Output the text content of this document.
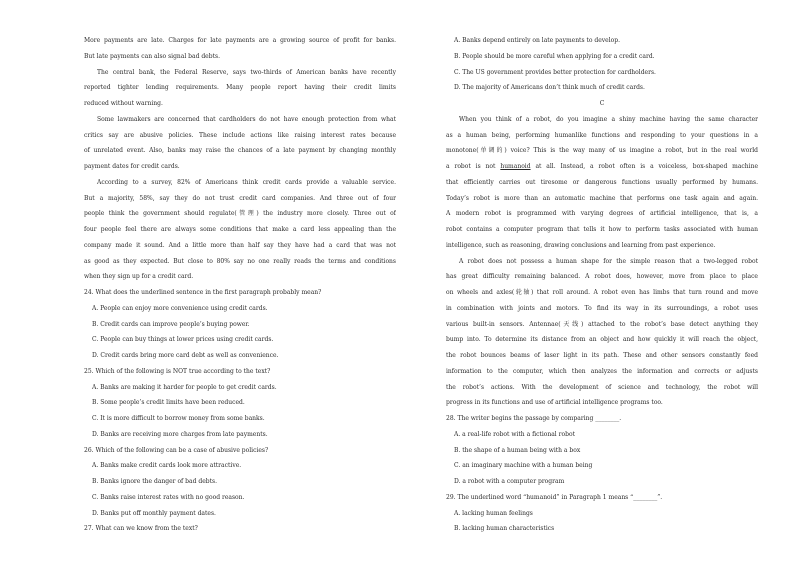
More payments are late. Charges for late payments are a growing source of profit for banks.
But late payments can also signal bad debts.
The central bank, the Federal Reserve, says two-thirds of American banks have recently
reported tighter lending requirements. Many people report having their credit limits
reduced without warning.
Some lawmakers are concerned that cardholders do not have enough protection from what
critics say are abusive policies. These include actions like raising interest rates because
of unrelated event. Also, banks may raise the chances of a late payment by changing monthly
payment dates for credit cards.
According to a survey, 82% of Americans think credit cards provide a valuable service.
But a majority, 58%, say they do not trust credit card companies. And three out of four
people think the government should regulate(管理) the industry more closely. Three out of
four people feel there are always some conditions that make a card less appealing than the
company made it sound. And a little more than half say they have had a card that was not
as good as they expected. But close to 80% say no one really reads the terms and conditions
when they sign up for a credit card.
24. What does the underlined sentence in the first paragraph probably mean?
A. People can enjoy more convenience using credit cards.
B. Credit cards can improve people’s buying power.
C. People can buy things at lower prices using credit cards.
D. Credit cards bring more card debt as well as convenience.
25. Which of the following is NOT true according to the text?
A. Banks are making it harder for people to get credit cards.
B. Some people’s credit limits have been reduced.
C. It is more difficult to borrow money from some banks.
D. Banks are receiving more charges from late payments.
26. Which of the following can be a case of abusive policies?
A. Banks make credit cards look more attractive.
B. Banks ignore the danger of bad debts.
C. Banks raise interest rates with no good reason.
D. Banks put off monthly payment dates.
27. What can we know from the text?
A. Banks depend entirely on late payments to develop.
B. People should be more careful when applying for a credit card.
C. The US government provides better protection for cardholders.
D. The majority of Americans don’t think much of credit cards.
C
When you think of a robot, do you imagine a shiny machine having the same character
as a human being, performing humanlike functions and responding to your questions in a
monotone(单调的) voice? This is the way many of us imagine a robot, but in the real world
a robot is not humanoid at all. Instead, a robot often is a voiceless, box-shaped machine
that efficiently carries out tiresome or dangerous functions usually performed by humans.
Today’s robot is more than an automatic machine that performs one task again and again.
A modern robot is programmed with varying degrees of artificial intelligence, that is, a
robot contains a computer program that tells it how to perform tasks associated with human
intelligence, such as reasoning, drawing conclusions and learning from past experience.
A robot does not possess a human shape for the simple reason that a two-legged robot
has great difficulty remaining balanced. A robot does, however, move from place to place
on wheels and axles(轮轴) that roll around. A robot even has limbs that turn round and move
in combination with joints and motors. To find its way in its surroundings, a robot uses
various built-in sensors. Antennae(天线) attached to the robot’s base detect anything they
bump into. To determine its distance from an object and how quickly it will reach the object,
the robot bounces beams of laser light in its path. These and other sensors constantly feed
information to the computer, which then analyzes the information and corrects or adjusts
the robot’s actions. With the development of science and technology, the robot will
progress in its functions and use of artificial intelligence programs too.
28. The writer begins the passage by comparing ________.
A. a real-life robot with a fictional robot
B. the shape of a human being with a box
C. an imaginary machine with a human being
D. a robot with a computer program
29. The underlined word “humanoid” in Paragraph 1 means “________”.
A. lacking human feelings
B. lacking human characteristics
